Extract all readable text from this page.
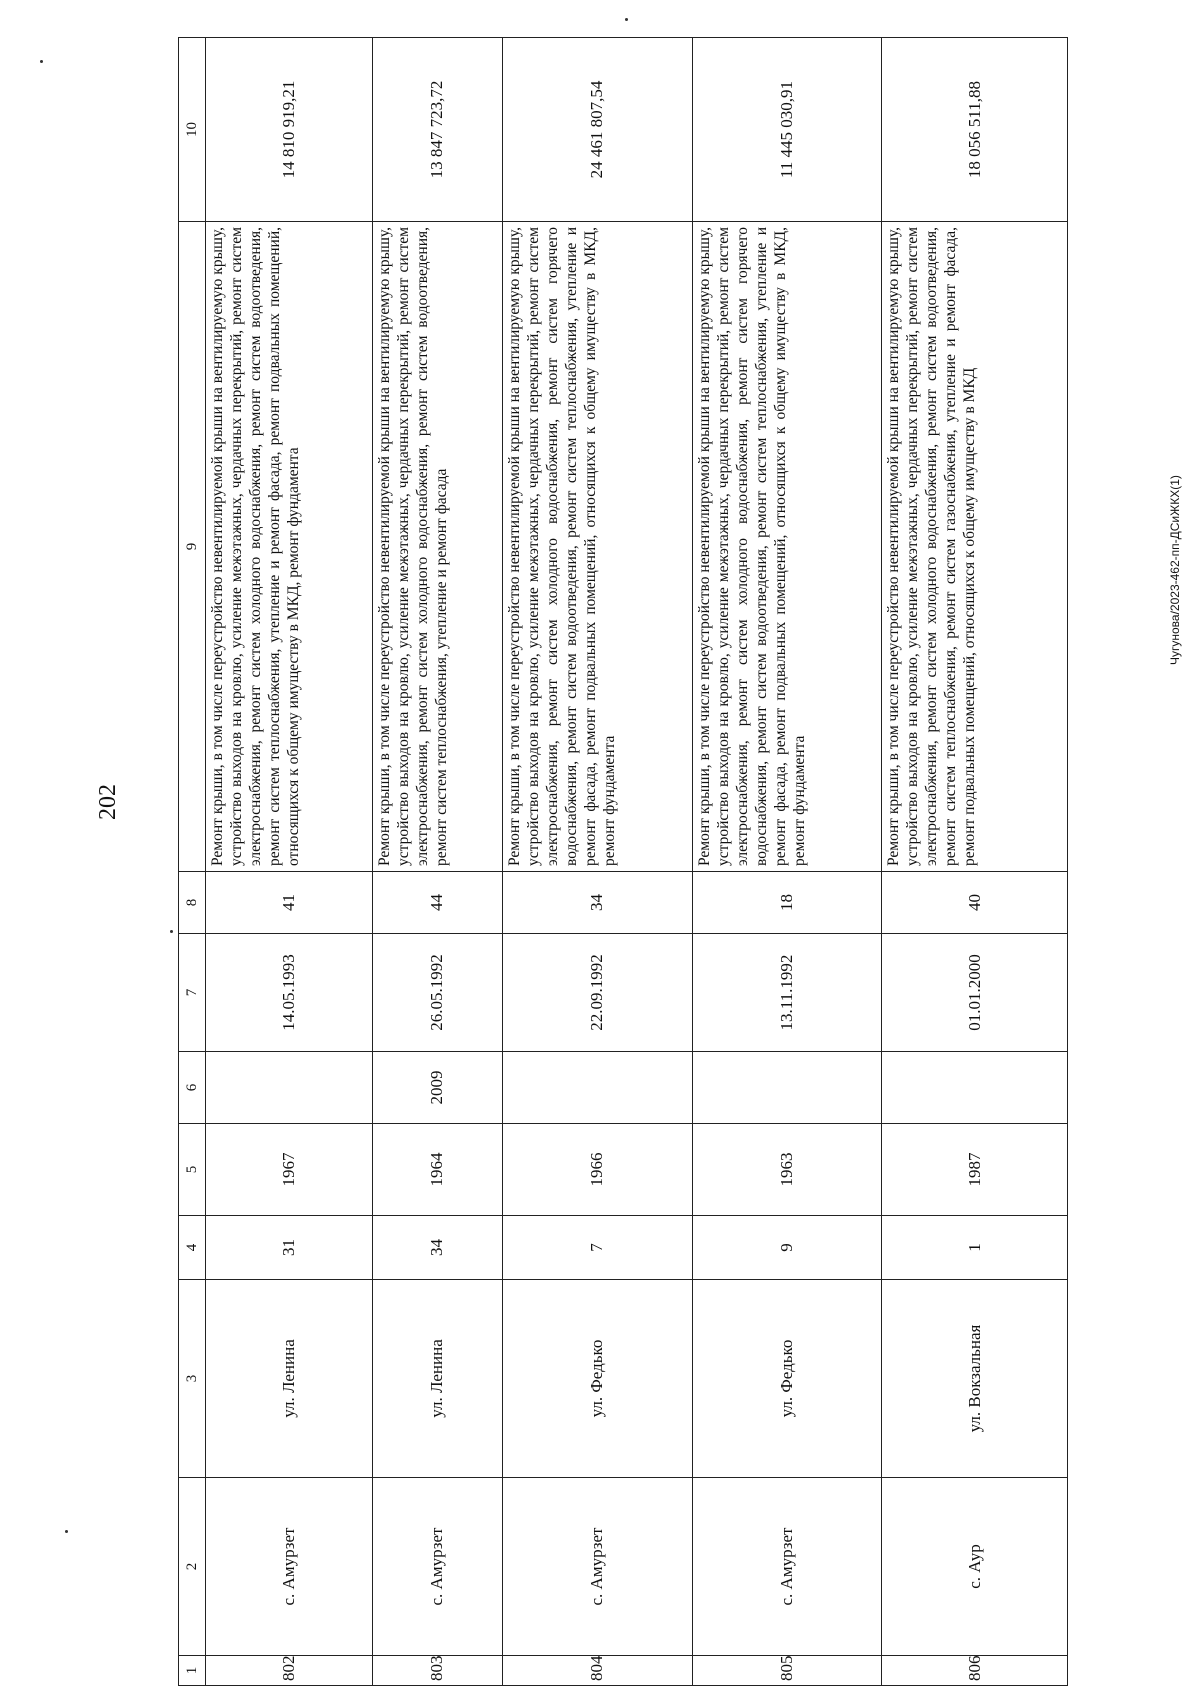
202
Чугунова/2023-462-пп-ДСиЖКХ(1)
1	2	3	4	5	6	7	8	9	10
802	с. Амурзет	ул. Ленина	31	1967		14.05.1993	41	Ремонт крыши, в том числе переустройство невентилируемой крыши на вентилируемую крышу, устройство выходов на кровлю, усиление межэтажных, чердачных перекрытий, ремонт систем электроснабжения, ремонт систем холодного водоснабжения, ремонт систем водоотведения, ремонт систем теплоснабжения, утепление и ремонт фасада, ремонт подвальных помещений, относящихся к общему имуществу в МКД, ремонт фундамента	14 810 919,21
803	с. Амурзет	ул. Ленина	34	1964	2009	26.05.1992	44	Ремонт крыши, в том числе переустройство невентилируемой крыши на вентилируемую крышу, устройство выходов на кровлю, усиление межэтажных, чердачных перекрытий, ремонт систем электроснабжения, ремонт систем холодного водоснабжения, ремонт систем водоотведения, ремонт систем теплоснабжения, утепление и ремонт фасада	13 847 723,72
804	с. Амурзет	ул. Федько	7	1966		22.09.1992	34	Ремонт крыши, в том числе переустройство невентилируемой крыши на вентилируемую крышу, устройство выходов на кровлю, усиление межэтажных, чердачных перекрытий, ремонт систем электроснабжения, ремонт систем холодного водоснабжения, ремонт систем горячего водоснабжения, ремонт систем водоотведения, ремонт систем теплоснабжения, утепление и ремонт фасада, ремонт подвальных помещений, относящихся к общему имуществу в МКД, ремонт фундамента	24 461 807,54
805	с. Амурзет	ул. Федько	9	1963		13.11.1992	18	Ремонт крыши, в том числе переустройство невентилируемой крыши на вентилируемую крышу, устройство выходов на кровлю, усиление межэтажных, чердачных перекрытий, ремонт систем электроснабжения, ремонт систем холодного водоснабжения, ремонт систем горячего водоснабжения, ремонт систем водоотведения, ремонт систем теплоснабжения, утепление и ремонт фасада, ремонт подвальных помещений, относящихся к общему имуществу в МКД, ремонт фундамента	11 445 030,91
806	с. Аур	ул. Вокзальная	1	1987		01.01.2000	40	Ремонт крыши, в том числе переустройство невентилируемой крыши на вентилируемую крышу, устройство выходов на кровлю, усиление межэтажных, чердачных перекрытий, ремонт систем электроснабжения, ремонт систем холодного водоснабжения, ремонт систем водоотведения, ремонт систем теплоснабжения, ремонт систем газоснабжения, утепление и ремонт фасада, ремонт подвальных помещений, относящихся к общему имуществу в МКД	18 056 511,88
